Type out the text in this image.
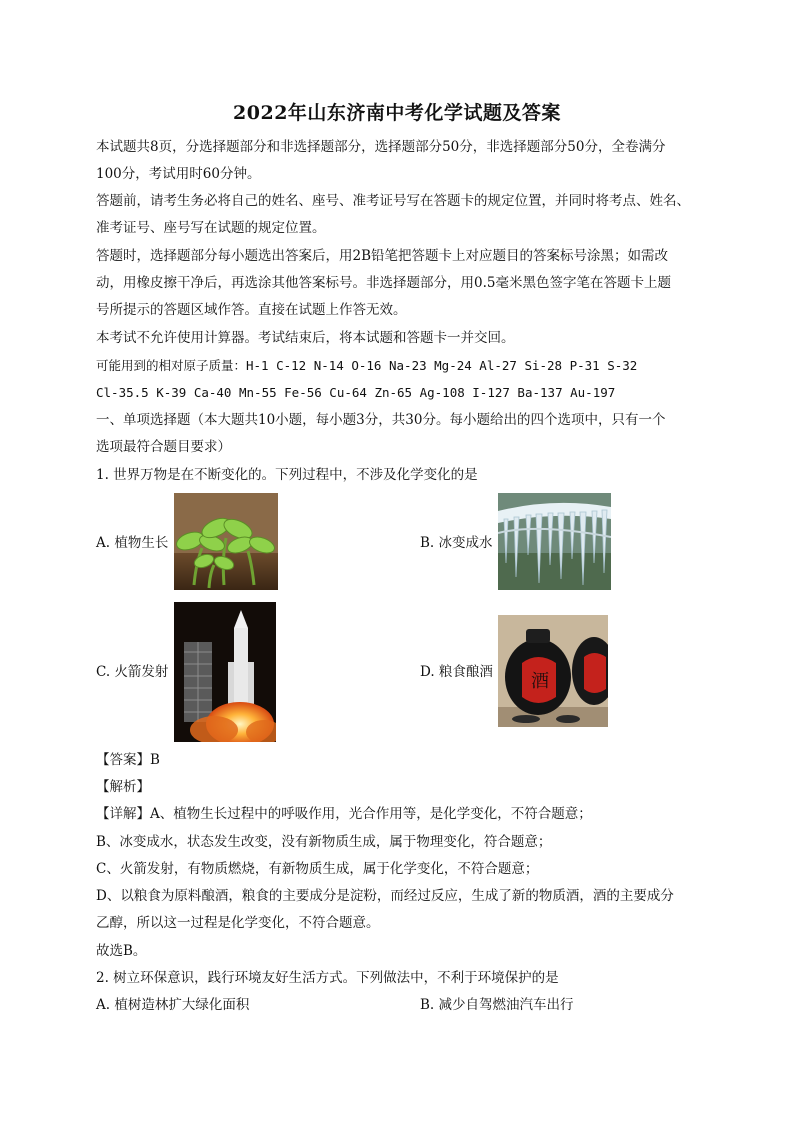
2022年山东济南中考化学试题及答案
本试题共8页，分选择题部分和非选择题部分，选择题部分50分，非选择题部分50分，全卷满分
100分，考试用时60分钟。
答题前，请考生务必将自己的姓名、座号、准考证号写在答题卡的规定位置，并同时将考点、姓名、
准考证号、座号写在试题的规定位置。
答题时，选择题部分每小题选出答案后，用2B铅笔把答题卡上对应题目的答案标号涂黑；如需改
动，用橡皮擦干净后，再选涂其他答案标号。非选择题部分，用0.5毫米黑色签字笔在答题卡上题
号所提示的答题区域作答。直接在试题上作答无效。
本考试不允许使用计算器。考试结束后，将本试题和答题卡一并交回。
可能用到的相对原子质量：H-1 C-12 N-14 O-16 Na-23 Mg-24 Al-27 Si-28 P-31 S-32
Cl-35.5 K-39 Ca-40 Mn-55 Fe-56 Cu-64 Zn-65 Ag-108 I-127 Ba-137 Au-197
一、单项选择题（本大题共10小题，每小题3分，共30分。每小题给出的四个选项中，只有一个
选项最符合题目要求）
1. 世界万物是在不断变化的。下列过程中，不涉及化学变化的是
A. 植物生长	B. 冰变成水
C. 火箭发射	D. 粮食酿酒 酒
【答案】B
【解析】
【详解】A、植物生长过程中的呼吸作用，光合作用等，是化学变化，不符合题意；
B、冰变成水，状态发生改变，没有新物质生成，属于物理变化，符合题意；
C、火箭发射，有物质燃烧，有新物质生成，属于化学变化，不符合题意；
D、以粮食为原料酿酒，粮食的主要成分是淀粉，而经过反应，生成了新的物质酒，酒的主要成分
乙醇，所以这一过程是化学变化，不符合题意。
故选B。
2. 树立环保意识，践行环境友好生活方式。下列做法中，不利于环境保护的是
A. 植树造林扩大绿化面积	B. 减少自驾燃油汽车出行
